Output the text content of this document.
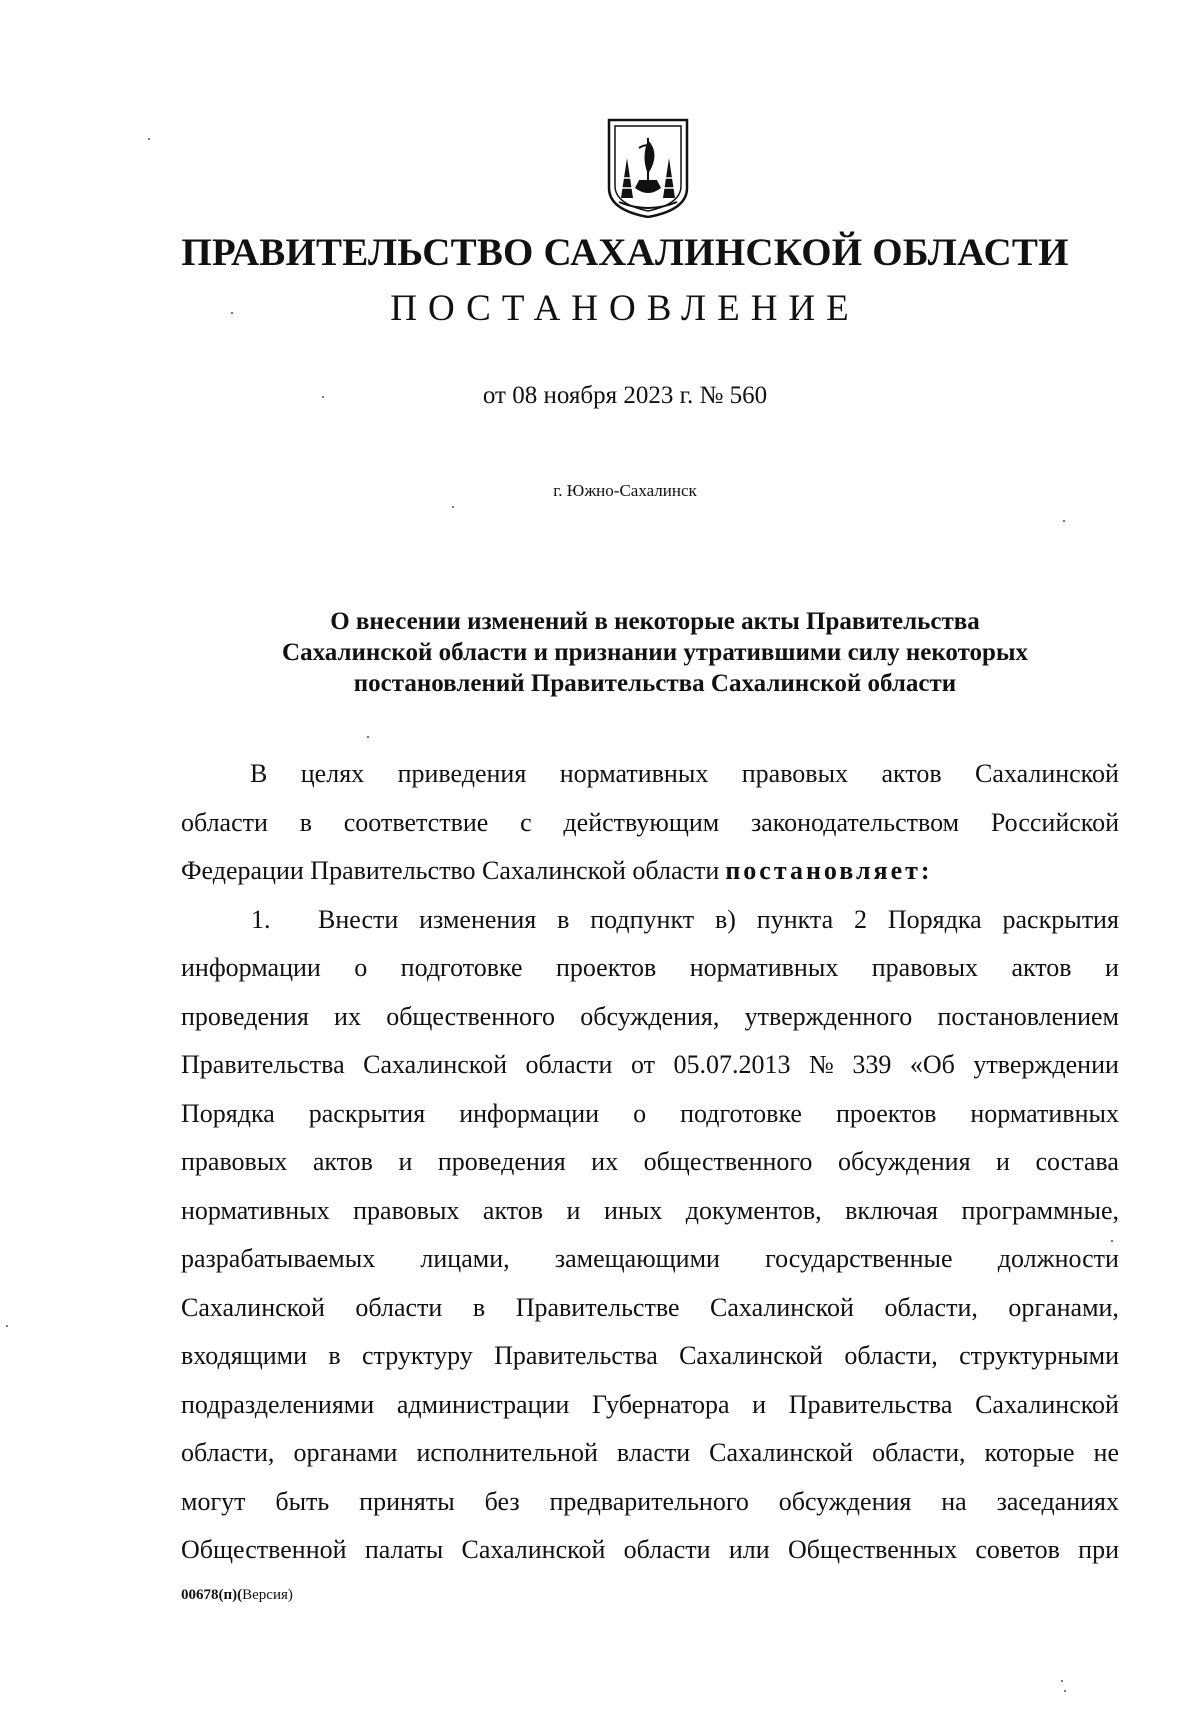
ПРАВИТЕЛЬСТВО САХАЛИНСКОЙ ОБЛАСТИ
ПОСТАНОВЛЕНИЕ
от 08 ноября 2023 г. № 560
г. Южно-Сахалинск
О внесении изменений в некоторые акты Правительства
Сахалинской области и признании утратившими силу некоторых
постановлений Правительства Сахалинской области
В целях приведения нормативных правовых актов Сахалинской
области в соответствие с действующим законодательством Российской
Федерации Правительство Сахалинской области постановляет:
1.	Внести изменения в подпункт в) пункта 2 Порядка раскрытия
информации о подготовке проектов нормативных правовых актов и
проведения их общественного обсуждения, утвержденного постановлением
Правительства Сахалинской области от 05.07.2013 № 339 «Об утверждении
Порядка раскрытия информации о подготовке проектов нормативных
правовых актов и проведения их общественного обсуждения и состава
нормативных правовых актов и иных документов, включая программные,
разрабатываемых лицами, замещающими государственные должности
Сахалинской области в Правительстве Сахалинской области, органами,
входящими в структуру Правительства Сахалинской области, структурными
подразделениями администрации Губернатора и Правительства Сахалинской
области, органами исполнительной власти Сахалинской области, которые не
могут быть приняты без предварительного обсуждения на заседаниях
Общественной палаты Сахалинской области или Общественных советов при
00678(п)(Версия)
